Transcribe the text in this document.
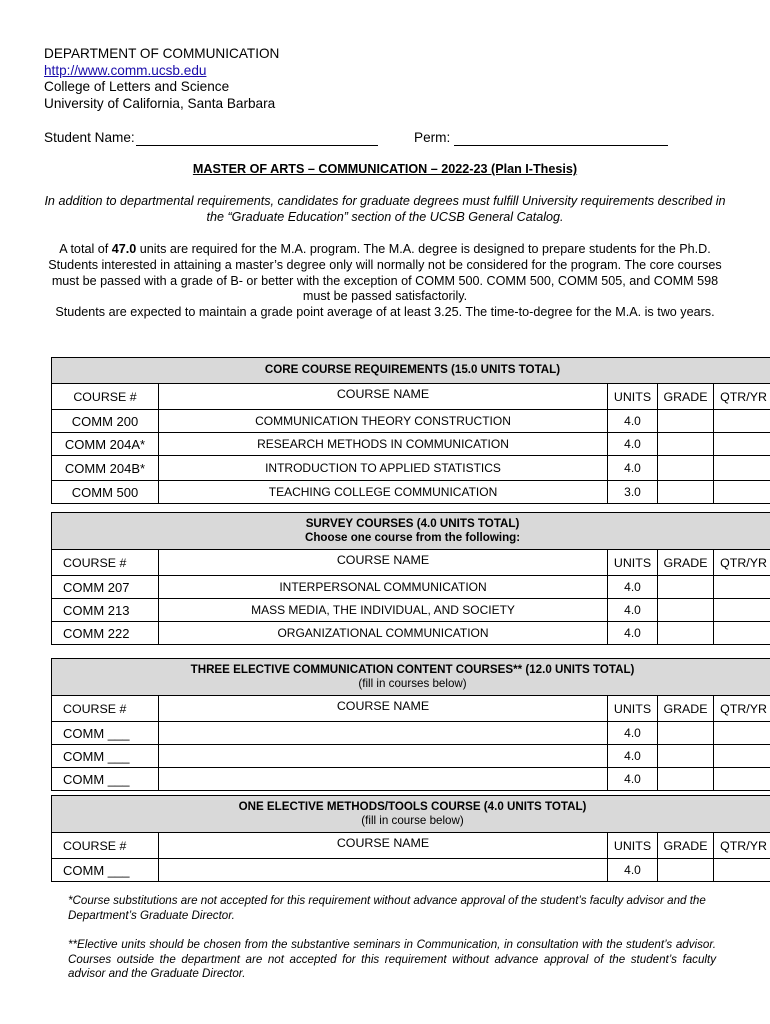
DEPARTMENT OF COMMUNICATION
http://www.comm.ucsb.edu
College of Letters and Science
University of California, Santa Barbara
Student Name:	Perm:
MASTER OF ARTS – COMMUNICATION – 2022-23 (Plan I-Thesis)
In addition to departmental requirements, candidates for graduate degrees must fulfill University requirements described in the “Graduate Education” section of the UCSB General Catalog.
A total of 47.0 units are required for the M.A. program. The M.A. degree is designed to prepare students for the Ph.D. Students interested in attaining a master’s degree only will normally not be considered for the program. The core courses must be passed with a grade of B- or better with the exception of COMM 500. COMM 500, COMM 505, and COMM 598 must be passed satisfactorily.
Students are expected to maintain a grade point average of at least 3.25. The time-to-degree for the M.A. is two years.
CORE COURSE REQUIREMENTS (15.0 UNITS TOTAL)				
COURSE #	COURSE NAME	UNITS	GRADE	QTR/YR
COMM 200	COMMUNICATION THEORY CONSTRUCTION	4.0		
COMM 204A*	RESEARCH METHODS IN COMMUNICATION	4.0		
COMM 204B*	INTRODUCTION TO APPLIED STATISTICS	4.0		
COMM 500	TEACHING COLLEGE COMMUNICATION	3.0		
SURVEY COURSES (4.0 UNITS TOTAL)
Choose one course from the following:				

COURSE #	COURSE NAME	UNITS	GRADE	QTR/YR
COMM 207	INTERPERSONAL COMMUNICATION	4.0		
COMM 213	MASS MEDIA, THE INDIVIDUAL, AND SOCIETY	4.0		
COMM 222	ORGANIZATIONAL COMMUNICATION	4.0		
THREE ELECTIVE COMMUNICATION CONTENT COURSES** (12.0 UNITS TOTAL)
(fill in courses below)				

COURSE #	COURSE NAME	UNITS	GRADE	QTR/YR
COMM ___		4.0		
COMM ___		4.0		
COMM ___		4.0		
ONE ELECTIVE METHODS/TOOLS COURSE (4.0 UNITS TOTAL)
(fill in course below)				

COURSE #	COURSE NAME	UNITS	GRADE	QTR/YR
COMM ___		4.0		
*Course substitutions are not accepted for this requirement without advance approval of the student’s faculty advisor and the Department’s Graduate Director.
**Elective units should be chosen from the substantive seminars in Communication, in consultation with the student’s advisor. Courses outside the department are not accepted for this requirement without advance approval of the student’s faculty advisor and the Graduate Director.
